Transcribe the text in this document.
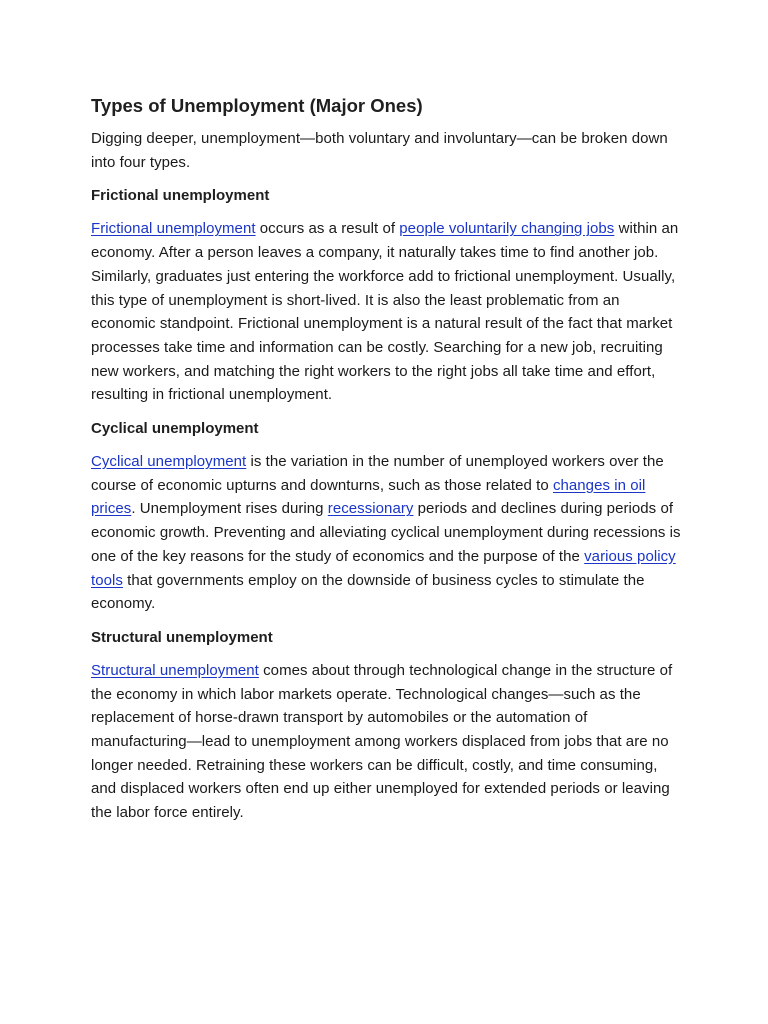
Types of Unemployment (Major Ones)

Digging deeper, unemployment—both voluntary and involuntary—can be broken down into four types.

Frictional unemployment

Frictional unemployment occurs as a result of people voluntarily changing jobs within an economy. After a person leaves a company, it naturally takes time to find another job. Similarly, graduates just entering the workforce add to frictional unemployment. Usually, this type of unemployment is short-lived. It is also the least problematic from an economic standpoint. Frictional unemployment is a natural result of the fact that market processes take time and information can be costly. Searching for a new job, recruiting new workers, and matching the right workers to the right jobs all take time and effort, resulting in frictional unemployment.

Cyclical unemployment

Cyclical unemployment is the variation in the number of unemployed workers over the course of economic upturns and downturns, such as those related to changes in oil prices. Unemployment rises during recessionary periods and declines during periods of economic growth. Preventing and alleviating cyclical unemployment during recessions is one of the key reasons for the study of economics and the purpose of the various policy tools that governments employ on the downside of business cycles to stimulate the economy.

Structural unemployment

Structural unemployment comes about through technological change in the structure of the economy in which labor markets operate. Technological changes—such as the replacement of horse-drawn transport by automobiles or the automation of manufacturing—lead to unemployment among workers displaced from jobs that are no longer needed. Retraining these workers can be difficult, costly, and time consuming, and displaced workers often end up either unemployed for extended periods or leaving the labor force entirely.
